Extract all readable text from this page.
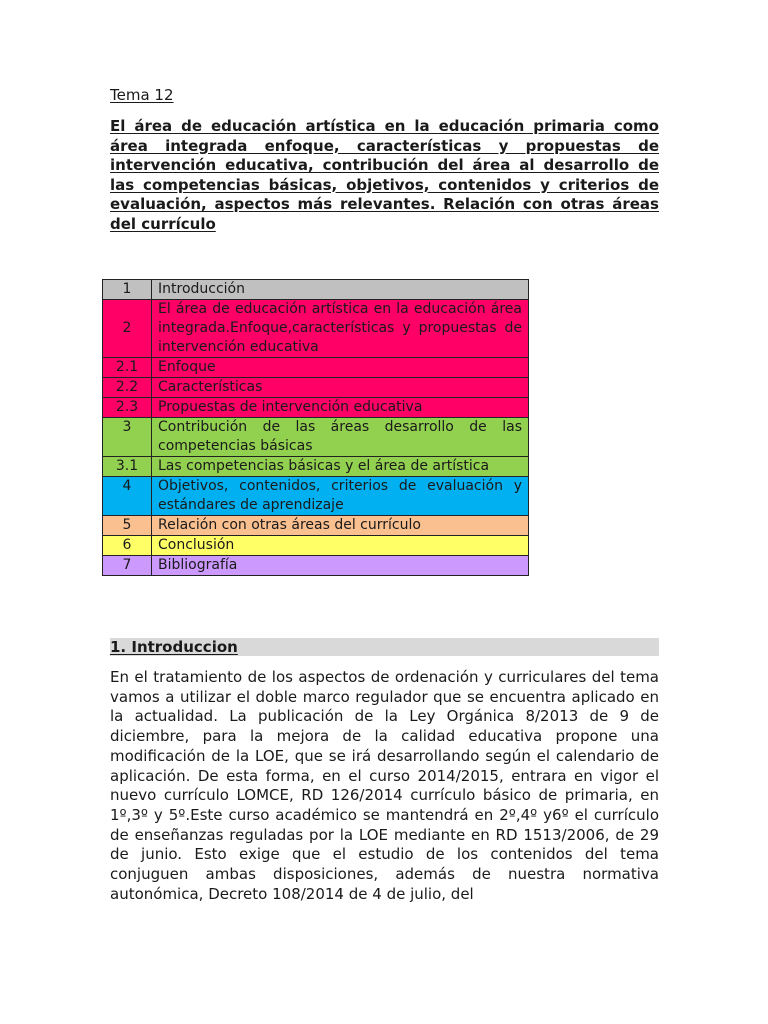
Tema 12

El área de educación artística en la educación primaria como área integrada enfoque, características y propuestas de intervención educativa, contribución del área al desarrollo de las competencias básicas, objetivos, contenidos y criterios de evaluación, aspectos más relevantes. Relación con otras áreas del currículo

1	Introducción
2	El área de educación artística en la educación área integrada.Enfoque,características y propuestas de intervención educativa
2.1	Enfoque
2.2	Características
2.3	Propuestas de intervención educativa
3	Contribución de las áreas desarrollo de las competencias básicas
3.1	Las competencias básicas y el área de artística
4	Objetivos, contenidos, criterios de evaluación y estándares de aprendizaje
5	Relación con otras áreas del currículo
6	Conclusión
7	Bibliografía
1. Introduccion

En el tratamiento de los aspectos de ordenación y curriculares del tema vamos a utilizar el doble marco regulador que se encuentra aplicado en la actualidad. La publicación de la Ley Orgánica 8/2013 de 9 de diciembre, para la mejora de la calidad educativa propone una modificación de la LOE, que se irá desarrollando según el calendario de aplicación. De esta forma, en el curso 2014/2015, entrara en vigor el nuevo currículo LOMCE, RD 126/2014 currículo básico de primaria, en 1º,3º y 5º.Este curso académico se mantendrá en 2º,4º y6º el currículo de enseñanzas reguladas por la LOE mediante en RD 1513/2006, de 29 de junio. Esto exige que el estudio de los contenidos del tema conjuguen ambas disposiciones, además de nuestra normativa autonómica, Decreto 108/2014 de 4 de julio, del
